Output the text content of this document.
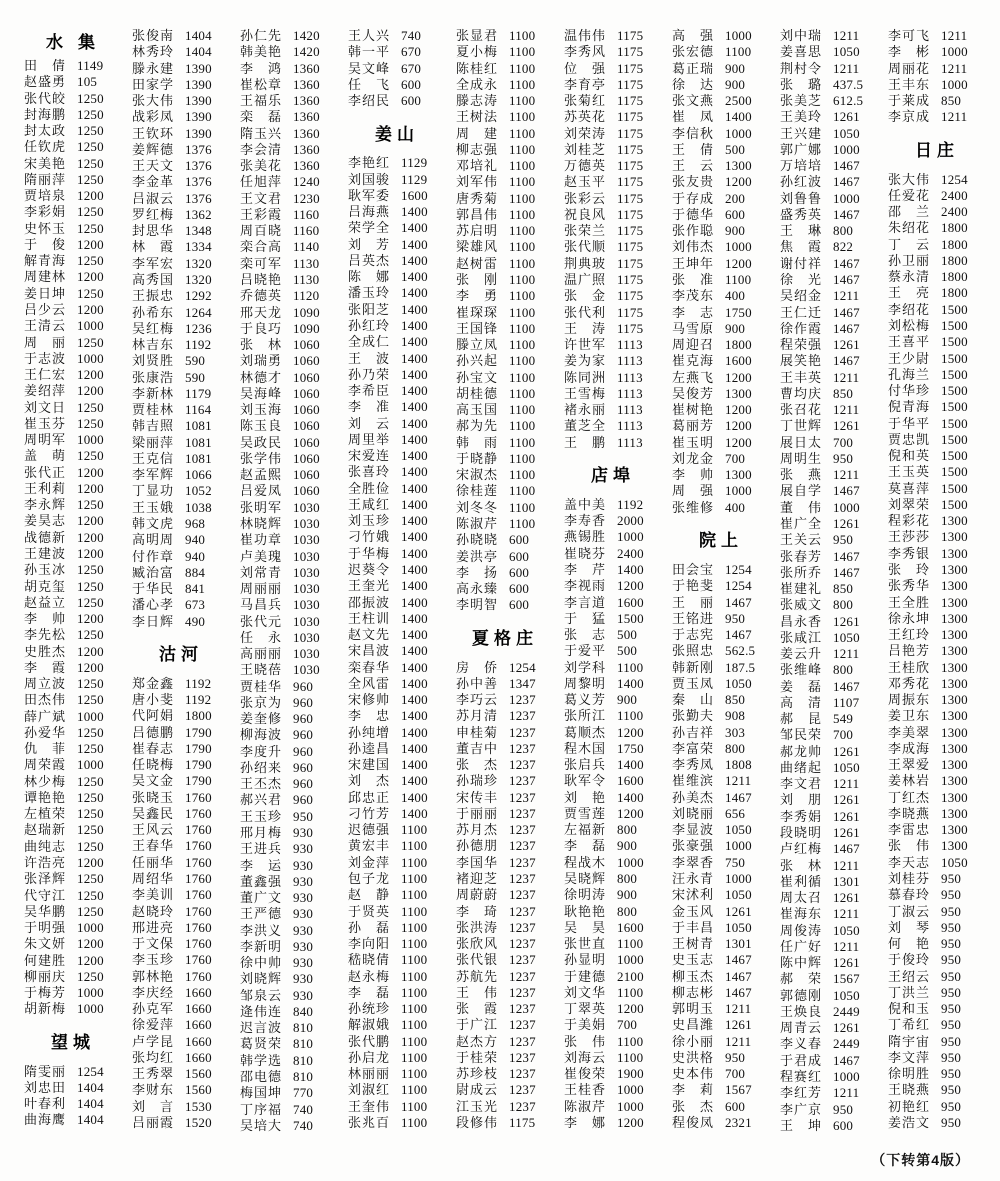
水 集
田倩 1149
赵盛勇 105
张代皎 1250
封海鹏 1250
封太政 1250
任钦虎 1250
宋美艳 1250
隋丽萍 1250
贾培泉 1200
李彩娟 1250
史怀玉 1250
于俊 1200
解青海 1250
周建林 1200
姜日坤 1250
吕少云 1200
王清云 1000
周丽 1250
于志波 1000
王仁宏 1200
姜绍萍 1200
刘文日 1250
崔玉芬 1250
周明军 1000
盖萌 1250
张代正 1200
王利莉 1200
李永辉 1250
姜昊志 1200
战德新 1200
王建波 1200
孙玉冰 1250
胡克玺 1250
赵益立 1250
李帅 1200
李先松 1250
史胜杰 1200
李霞 1200
周立波 1250
田杰伟 1250
薛广斌 1000
孙爱华 1250
仇菲 1250
周荣霞 1000
林少梅 1250
谭艳艳 1250
左植荣 1250
赵瑞新 1250
曲纯志 1250
许浩亮 1200
张泽辉 1250
代守江 1250
吴华鹏 1250
于明强 1000
朱文妍 1200
何建胜 1200
柳丽庆 1250
于梅芳 1000
胡新梅 1000
望城
隋雯丽 1254
刘忠田 1404
叶春利 1404
曲海鹰 1404
张俊南 1404
林秀玲 1404
滕永建 1390
田家学 1390
张大伟 1390
战彩凤 1390
王钦环 1390
姜辉德 1376
王天文 1376
李金革 1376
吕淑云 1376
罗红梅 1362
封思华 1348
林霞 1334
李军宏 1320
高秀国 1320
王振忠 1292
孙希东 1264
吴红梅 1236
林吉东 1192
刘贤胜 590
张康浩 590
李新林 1179
贾桂林 1164
韩吉照 1081
梁丽萍 1081
王克信 1081
李军辉 1066
丁显功 1052
王玉娥 1038
韩文虎 968
高明周 940
付作章 940
臧治富 884
于华民 841
潘心孝 673
李日辉 490
沽河
郑金鑫 1192
唐小斐 1192
代阿娟 1800
吕德鹏 1790
崔春志 1790
任晓梅 1790
吴文金 1790
张晓玉 1760
吴鑫民 1760
王风云 1760
王春华 1760
任丽华 1760
周绍华 1760
李美训 1760
赵晓玲 1760
邢进亮 1760
于文保 1760
李玉珍 1760
郭林艳 1760
李庆经 1660
孙克军 1660
徐爱萍 1660
卢学昆 1660
张均红 1660
王秀翠 1560
李财东 1560
刘言 1530
吕丽霞 1520
孙仁先 1420
韩美艳 1420
李鸿 1360
崔松章 1360
王福乐 1360
栾磊 1360
隋玉兴 1360
李会清 1360
张美花 1360
任旭萍 1240
王文君 1230
王彩霞 1160
周百晓 1160
栾合高 1140
栾可军 1130
吕晓艳 1130
乔德英 1120
邢天龙 1090
于良巧 1090
张林 1060
刘瑞勇 1060
林德才 1060
吴海峰 1060
刘玉海 1060
陈玉良 1060
吴政民 1060
张学伟 1060
赵孟熙 1060
吕爱凤 1060
张明军 1030
林晓辉 1030
崔功章 1030
卢美瑰 1030
刘常青 1030
周丽丽 1030
马昌兵 1030
张代元 1030
任永 1030
高丽丽 1030
王晓蓓 1030
贾桂华 960
张京为 960
姜奎修 960
柳海波 960
李度升 960
孙绍来 960
王丕杰 960
郝兴君 960
王玉珍 950
邢月梅 930
王进兵 930
李运 930
董鑫强 930
董广文 930
王严德 930
李洪义 930
李新明 930
徐中帅 930
刘晓辉 930
邹泉云 930
逄伟连 840
迟言波 810
葛贤荣 810
韩学选 810
邵电德 810
梅国坤 770
丁序福 740
吴培大 740
王人兴 740
韩一平 670
吴文峰 670
任飞 600
李绍民 600
姜山
李艳红 1129
刘国骏 1129
耿军委 1600
吕海燕 1400
荣学全 1400
刘芳 1400
吕英杰 1400
陈娜 1400
潘玉玲 1400
张阳芝 1400
孙红玲 1400
全成仁 1400
王波 1400
孙乃荣 1400
李希臣 1400
李准 1400
刘云 1400
周里举 1400
宋爱连 1400
张喜玲 1400
全胜俭 1400
王咸红 1400
刘玉珍 1400
刁竹娥 1400
于华梅 1400
迟葵令 1400
王奎光 1400
邵振波 1400
王柱训 1400
赵文先 1400
宋昌波 1400
栾春华 1400
全风雷 1400
宋修帅 1400
李忠 1400
孙纯增 1400
孙逵昌 1400
宋建国 1400
刘杰 1400
邱忠正 1400
刁竹芳 1400
迟德强 1100
黄宏丰 1100
刘金萍 1100
包子龙 1100
赵静 1100
于贤英 1100
孙磊 1100
李向阳 1100
嵇晓倩 1100
赵永梅 1100
李磊 1100
孙统珍 1100
解淑娥 1100
张代鹏 1100
孙启龙 1100
林丽丽 1100
刘淑红 1100
王奎伟 1100
张兆百 1100
张显君 1100
夏小梅 1100
陈桂红 1100
全成永 1100
滕志涛 1100
王树法 1100
周建 1100
柳志强 1100
邓培礼 1100
刘军伟 1100
唐秀菊 1100
郭昌伟 1100
苏启明 1100
梁雄风 1100
赵树雷 1100
张刚 1100
李勇 1100
崔琛琛 1100
王国锋 1100
滕立凤 1100
孙兴起 1100
孙宝文 1100
胡桂德 1100
高玉国 1100
郝为先 1100
韩雨 1100
于晓静 1100
宋淑杰 1100
徐桂莲 1100
刘冬冬 1100
陈淑芹 1100
孙晓晓 600
姜洪亭 600
李扬 600
高永臻 600
李明智 600
夏格庄
房侨 1254
孙中善 1347
李巧云 1237
苏月清 1237
申桂菊 1237
董吉中 1237
张杰 1237
孙瑞珍 1237
宋传丰 1237
于丽丽 1237
苏月杰 1237
孙德朋 1237
李国华 1237
褚迎芝 1237
周蔚蔚 1237
李琦 1237
张洪涛 1237
张欣风 1237
张代银 1237
苏航先 1237
王伟 1237
张霞 1237
于广江 1237
赵杰方 1237
于桂荣 1237
苏珍枝 1237
尉成云 1237
江玉光 1237
段修伟 1175
温伟伟 1175
李秀风 1175
位强 1175
李育亭 1175
张菊红 1175
苏英花 1175
刘荣涛 1175
刘桂芝 1175
万德英 1175
赵玉平 1175
张彩云 1175
祝良风 1175
张荣兰 1175
张代顺 1175
荆典玻 1175
温广照 1175
张金 1175
张代利 1175
王涛 1175
许世军 1113
姜为家 1113
陈同洲 1113
王雪梅 1113
褚永丽 1113
董芝全 1113
王鹏 1113
店埠
盖中美 1192
李寿香 2000
燕锡胜 1000
崔晓芬 2400
李芹 1400
李视雨 1200
李言道 1600
于猛 1500
张志 500
于爱平 500
刘学科 1100
周黎明 1400
葛义芳 900
张所江 1100
葛顺杰 1200
程木国 1750
张启兵 1400
耿军令 1600
刘艳 1400
贾雪莲 1200
左福新 800
李磊 900
程战木 1000
吴晓辉 800
徐明涛 900
耿艳艳 800
吴昊 1600
张世直 1100
孙显明 1000
于建德 2100
刘文华 1100
丁翠英 1200
于美娟 700
张伟 1100
刘海云 1100
崔俊荣 1900
王桂香 1000
陈淑芹 1000
李娜 1200
高强 1000
张宏德 1100
葛正瑞 900
徐达 900
张文燕 2500
崔凤 1400
李信秋 1000
王倩 500
王云 1300
张友贵 1200
于存成 200
于德华 600
张作聪 900
刘伟杰 1000
王坤年 1200
张准 1100
李茂东 400
李志 1750
马雪原 900
周迎召 1800
崔克海 1600
左燕飞 1200
吴俊芳 1300
崔树艳 1200
葛丽芳 1200
崔玉明 1200
刘龙金 700
李帅 1300
周强 1000
张维修 400
院上
田会宝 1254
于艳斐 1254
王丽 1467
王铭进 950
于志宪 1467
张照忠 562.5
韩新刚 187.5
贾玉凤 1050
秦山 850
张勤夫 908
孙吉祥 303
李富荣 800
李秀凤 1808
崔维滨 1211
孙美杰 1467
刘晓丽 656
李显波 1050
张豪强 1000
李翠香 750
汪永青 1000
宋沭利 1050
金玉风 1261
于丰昌 1050
王树青 1301
史玉志 1467
柳玉杰 1467
柳志彬 1467
郭明玉 1211
史昌潍 1261
徐小丽 1211
史洪格 950
史本伟 700
李莉 1567
张杰 600
程俊凤 2321
刘中瑞 1211
姜喜思 1050
荆村令 1211
张璐 437.5
张美芝 612.5
王美玲 1261
王兴建 1050
郭广娜 1000
万培培 1467
孙红波 1467
刘鲁鲁 1000
盛秀英 1467
王琳 800
焦霞 822
谢付祥 1467
徐光 1467
吴绍金 1211
王仁迁 1467
徐作霞 1467
程荣强 1261
展笑艳 1467
王丰英 1211
曹均庆 850
张召花 1211
丁世辉 1261
展日太 700
周明生 950
张燕 1211
展自学 1467
董伟 1000
崔广全 1261
王关云 950
张春芳 1467
张所乔 1467
崔建礼 850
张威文 800
昌永香 1261
张咸江 1050
姜云升 1211
张维峰 800
姜磊 1467
高清 1107
郝昆 549
邹民荣 700
郝龙帅 1261
曲绪起 1050
李文君 1211
刘朋 1261
李秀娟 1261
段晓明 1261
卢红梅 1467
张林 1211
崔利循 1301
周太召 1261
崔海东 1211
周俊涛 1050
任广好 1211
陈中辉 1261
郝荣 1567
郭德刚 1050
王焕良 2449
周青云 1261
李义春 2449
于君成 1467
程赛红 1000
李红芳 1211
李广京 950
王坤 600
李可飞 1211
李彬 1000
周丽花 1211
王丰东 1000
于莱成 850
李京成 1211
日庄
张大伟 1254
任爱花 2400
邵兰 2400
朱绍花 1800
丁云 1800
孙卫丽 1800
蔡永清 1800
王亮 1800
李绍花 1500
刘松梅 1500
王喜平 1500
王少尉 1500
孔海兰 1500
付华珍 1500
倪青海 1500
于华平 1500
贾忠凯 1500
倪和英 1500
王玉英 1500
莫喜萍 1500
刘翠荣 1500
程彩花 1300
王莎莎 1300
李秀银 1300
张玲 1300
张秀华 1300
王全胜 1300
徐永坤 1300
王红玲 1300
吕艳芳 1300
王桂欣 1300
邓秀花 1300
周振东 1300
姜卫东 1300
李美翠 1300
李成海 1300
王翠爱 1300
姜林岩 1300
丁红杰 1300
李晓燕 1300
李雷忠 1300
张伟 1300
李天志 1050
刘桂芬 950
慕春玲 950
丁淑云 950
刘琴 950
何艳 950
于俊玲 950
王绍云 950
丁洪兰 950
倪和玉 950
丁希红 950
隋宇宙 950
李文萍 950
徐明胜 950
王晓燕 950
初艳红 950
姜浩文 950
（下转第4版）
